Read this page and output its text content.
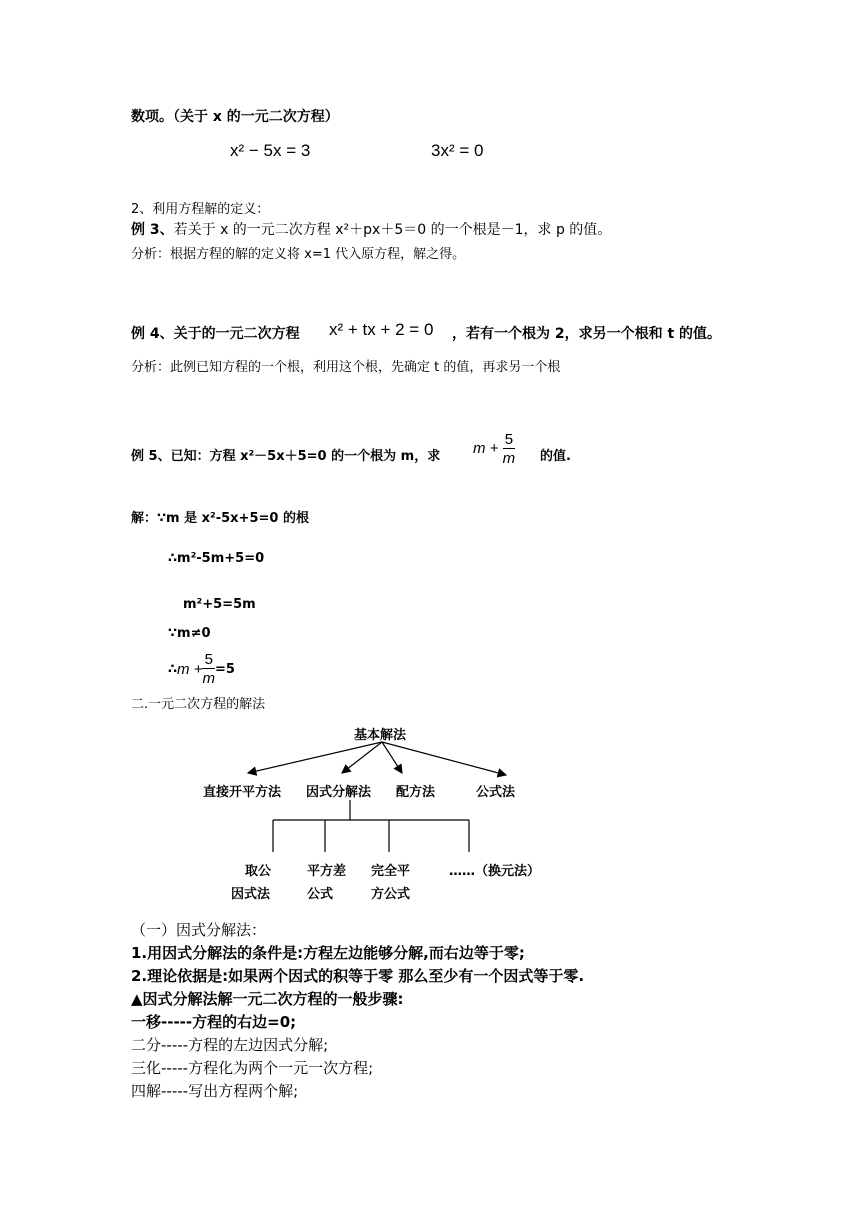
数项。（关于 x 的一元二次方程）
x² − 5x = 3	3x² = 0
2、利用方程解的定义：
例 3、若关于 x 的一元二次方程 x²＋px＋5＝0 的一个根是－1，求 p 的值。
分析：根据方程的解的定义将 x=1 代入原方程，解之得。
例 4、关于的一元二次方程 x² + tx + 2 = 0 ，若有一个根为 2，求另一个根和 t 的值。
分析：此例已知方程的一个根，利用这个根，先确定 t 的值，再求另一个根
例 5、已知：方程 x²－5x＋5=0 的一个根为 m，求 $m + \frac{5}{m}$ 的值.
解：∵m 是 x²-5x+5=0 的根
∴m²-5m+5=0
m²+5=5m
∵m≠0
∴ $m + \frac{5}{m} =5$
二.一元二次方程的解法
基本解法
直接开平方法 因式分解法 配方法	公式法
取公
因式法
平方差
公式
完全平
方公式
……（换元法）
（一）因式分解法：
1.用因式分解法的条件是:方程左边能够分解,而右边等于零;
2.理论依据是:如果两个因式的积等于零 那么至少有一个因式等于零.
▲因式分解法解一元二次方程的一般步骤:
一移-----方程的右边=0;
二分-----方程的左边因式分解;
三化-----方程化为两个一元一次方程;
四解-----写出方程两个解;
